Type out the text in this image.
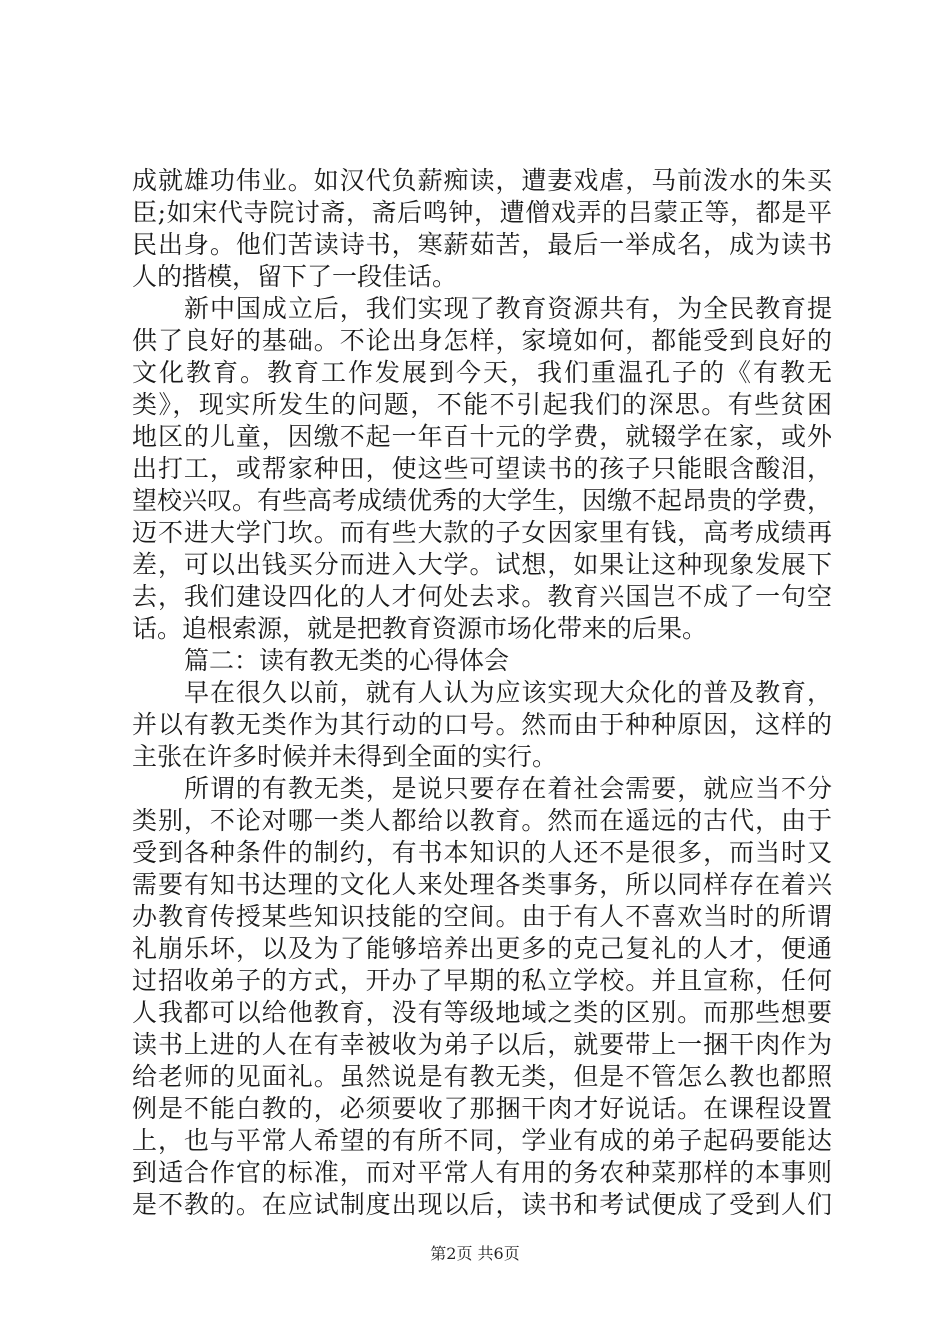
成就雄功伟业。如汉代负薪痴读，遭妻戏虐，马前泼水的朱买
臣;如宋代寺院讨斋，斋后鸣钟，遭僧戏弄的吕蒙正等，都是平
民出身。他们苦读诗书，寒薪茹苦，最后一举成名，成为读书
人的揩模，留下了一段佳话。
新中国成立后，我们实现了教育资源共有，为全民教育提
供了良好的基础。不论出身怎样，家境如何，都能受到良好的
文化教育。教育工作发展到今天，我们重温孔子的《有教无
类》，现实所发生的问题，不能不引起我们的深思。有些贫困
地区的儿童，因缴不起一年百十元的学费，就辍学在家，或外
出打工，或帮家种田，使这些可望读书的孩子只能眼含酸泪，
望校兴叹。有些高考成绩优秀的大学生，因缴不起昂贵的学费，
迈不进大学门坎。而有些大款的子女因家里有钱，高考成绩再
差，可以出钱买分而进入大学。试想，如果让这种现象发展下
去，我们建设四化的人才何处去求。教育兴国岂不成了一句空
话。追根索源，就是把教育资源市场化带来的后果。
篇二：读有教无类的心得体会
早在很久以前，就有人认为应该实现大众化的普及教育，
并以有教无类作为其行动的口号。然而由于种种原因，这样的
主张在许多时候并未得到全面的实行。
所谓的有教无类，是说只要存在着社会需要，就应当不分
类别，不论对哪一类人都给以教育。然而在遥远的古代，由于
受到各种条件的制约，有书本知识的人还不是很多，而当时又
需要有知书达理的文化人来处理各类事务，所以同样存在着兴
办教育传授某些知识技能的空间。由于有人不喜欢当时的所谓
礼崩乐坏，以及为了能够培养出更多的克己复礼的人才，便通
过招收弟子的方式，开办了早期的私立学校。并且宣称，任何
人我都可以给他教育，没有等级地域之类的区别。而那些想要
读书上进的人在有幸被收为弟子以后，就要带上一捆干肉作为
给老师的见面礼。虽然说是有教无类，但是不管怎么教也都照
例是不能白教的，必须要收了那捆干肉才好说话。在课程设置
上，也与平常人希望的有所不同，学业有成的弟子起码要能达
到适合作官的标准，而对平常人有用的务农种菜那样的本事则
是不教的。在应试制度出现以后，读书和考试便成了受到人们
第2页 共6页
